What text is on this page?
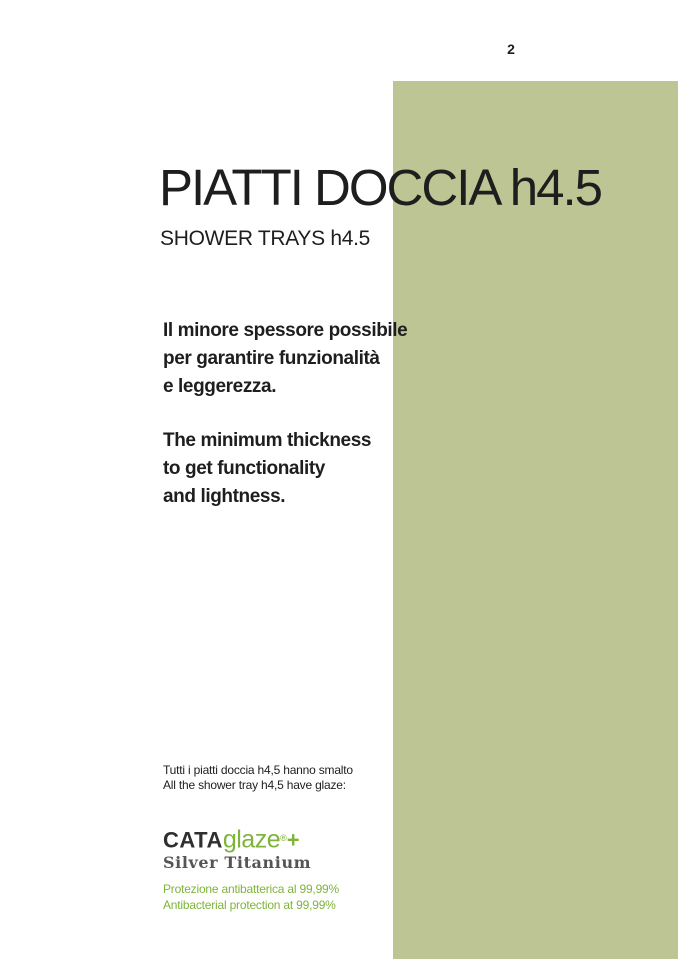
2
PIATTI DOCCIA h4.5
SHOWER TRAYS h4.5
Il minore spessore possibile
per garantire funzionalità
e leggerezza.
The minimum thickness
to get functionality
and lightness.
Tutti i piatti doccia h4,5 hanno smalto
All the shower tray h4,5 have glaze:
CATAglaze®+
Silver Titanium
Protezione antibatterica al 99,99%
Antibacterial protection at 99,99%
